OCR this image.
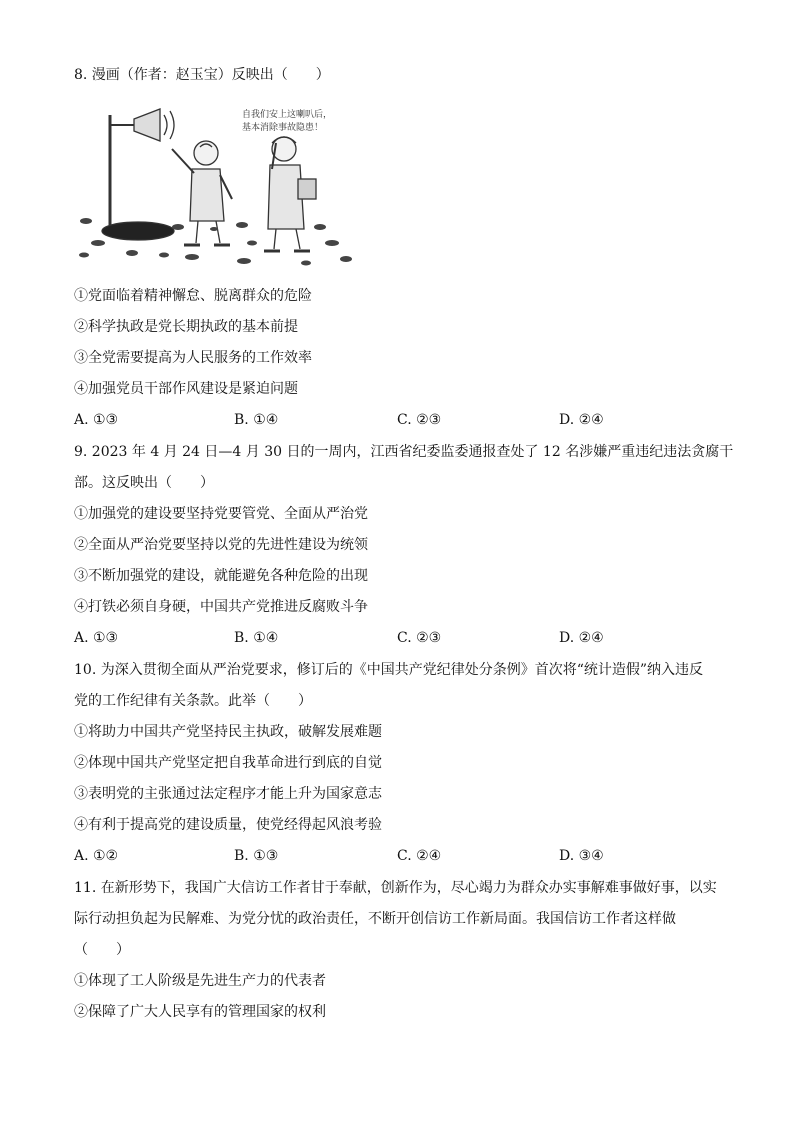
8. 漫画（作者：赵玉宝）反映出（　　）
自我们安上这喇叭后，
基本消除事故隐患！
①党面临着精神懈怠、脱离群众的危险
②科学执政是党长期执政的基本前提
③全党需要提高为人民服务的工作效率
④加强党员干部作风建设是紧迫问题
A. ①③	B. ①④	C. ②③	D. ②④
9. 2023 年 4 月 24 日—4 月 30 日的一周内，江西省纪委监委通报查处了 12 名涉嫌严重违纪违法贪腐干
部。这反映出（　　）
①加强党的建设要坚持党要管党、全面从严治党
②全面从严治党要坚持以党的先进性建设为统领
③不断加强党的建设，就能避免各种危险的出现
④打铁必须自身硬，中国共产党推进反腐败斗争
A. ①③	B. ①④	C. ②③	D. ②④
10. 为深入贯彻全面从严治党要求，修订后的《中国共产党纪律处分条例》首次将“统计造假”纳入违反
党的工作纪律有关条款。此举（　　）
①将助力中国共产党坚持民主执政，破解发展难题
②体现中国共产党坚定把自我革命进行到底的自觉
③表明党的主张通过法定程序才能上升为国家意志
④有利于提高党的建设质量，使党经得起风浪考验
A. ①②	B. ①③	C. ②④	D. ③④
11. 在新形势下，我国广大信访工作者甘于奉献，创新作为，尽心竭力为群众办实事解难事做好事，以实
际行动担负起为民解难、为党分忧的政治责任，不断开创信访工作新局面。我国信访工作者这样做
（　　）
①体现了工人阶级是先进生产力的代表者
②保障了广大人民享有的管理国家的权利
